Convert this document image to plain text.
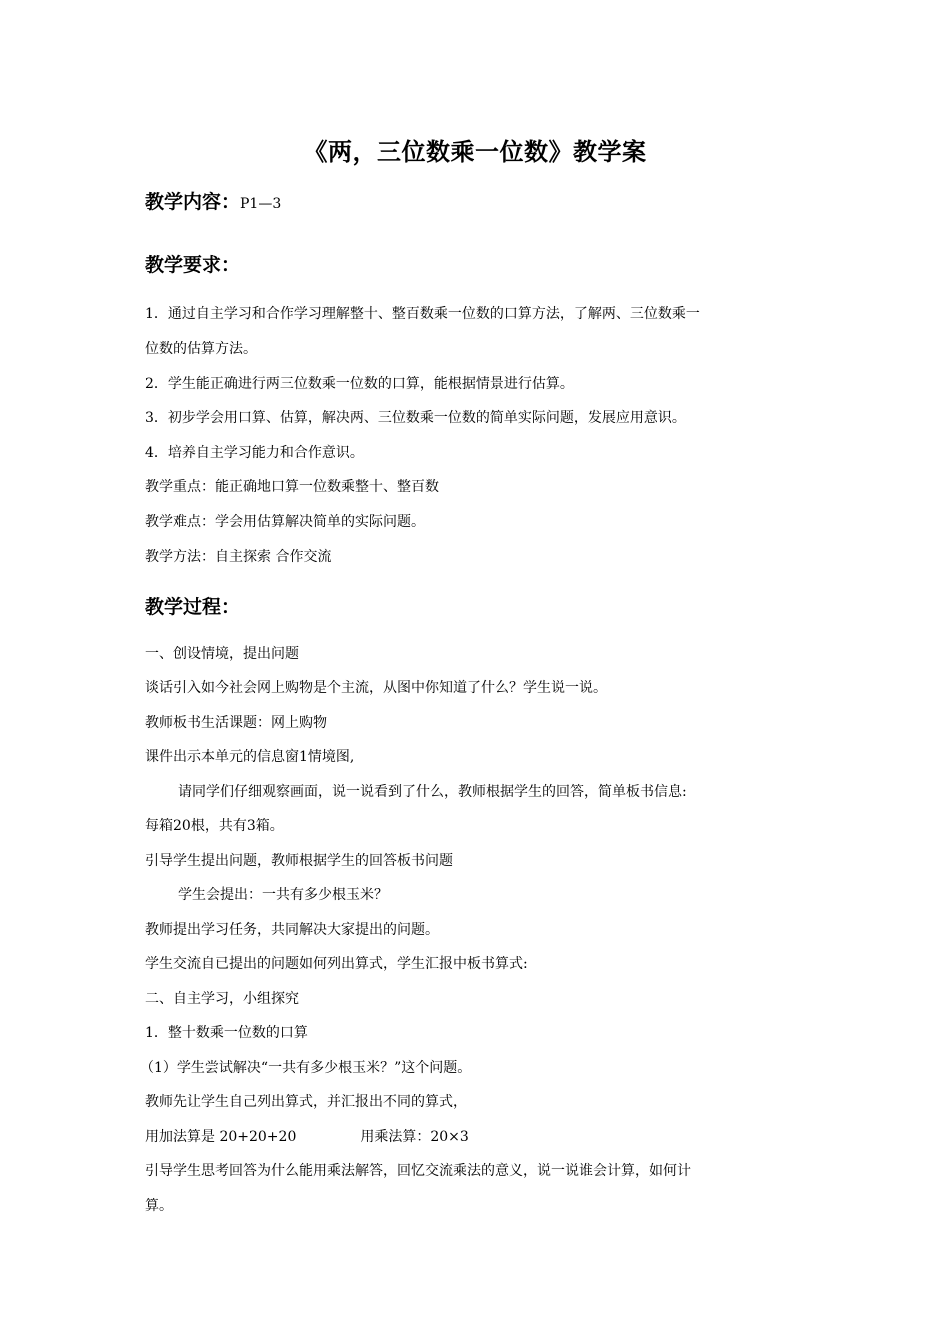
《两，三位数乘一位数》教学案
教学内容：P1—3
教学要求：
1．通过自主学习和合作学习理解整十、整百数乘一位数的口算方法，了解两、三位数乘一
位数的估算方法。
2．学生能正确进行两三位数乘一位数的口算，能根据情景进行估算。
3．初步学会用口算、估算，解决两、三位数乘一位数的简单实际问题，发展应用意识。
4．培养自主学习能力和合作意识。
教学重点：能正确地口算一位数乘整十、整百数
教学难点：学会用估算解决简单的实际问题。
教学方法：自主探索 合作交流
教学过程：
一、创设情境，提出问题
谈话引入如今社会网上购物是个主流，从图中你知道了什么？学生说一说。
教师板书生活课题：网上购物
课件出示本单元的信息窗1情境图,
请同学们仔细观察画面，说一说看到了什么，教师根据学生的回答，简单板书信息:
每箱20根，共有3箱。
引导学生提出问题，教师根据学生的回答板书问题
学生会提出：一共有多少根玉米？
教师提出学习任务，共同解决大家提出的问题。
学生交流自已提出的问题如何列出算式，学生汇报中板书算式:
二、自主学习，小组探究
1．整十数乘一位数的口算
（1）学生尝试解决“一共有多少根玉米？”这个问题。
教师先让学生自己列出算式，并汇报出不同的算式，
用加法算是 20+20+20	用乘法算：20×3
引导学生思考回答为什么能用乘法解答，回忆交流乘法的意义，说一说谁会计算，如何计
算。
